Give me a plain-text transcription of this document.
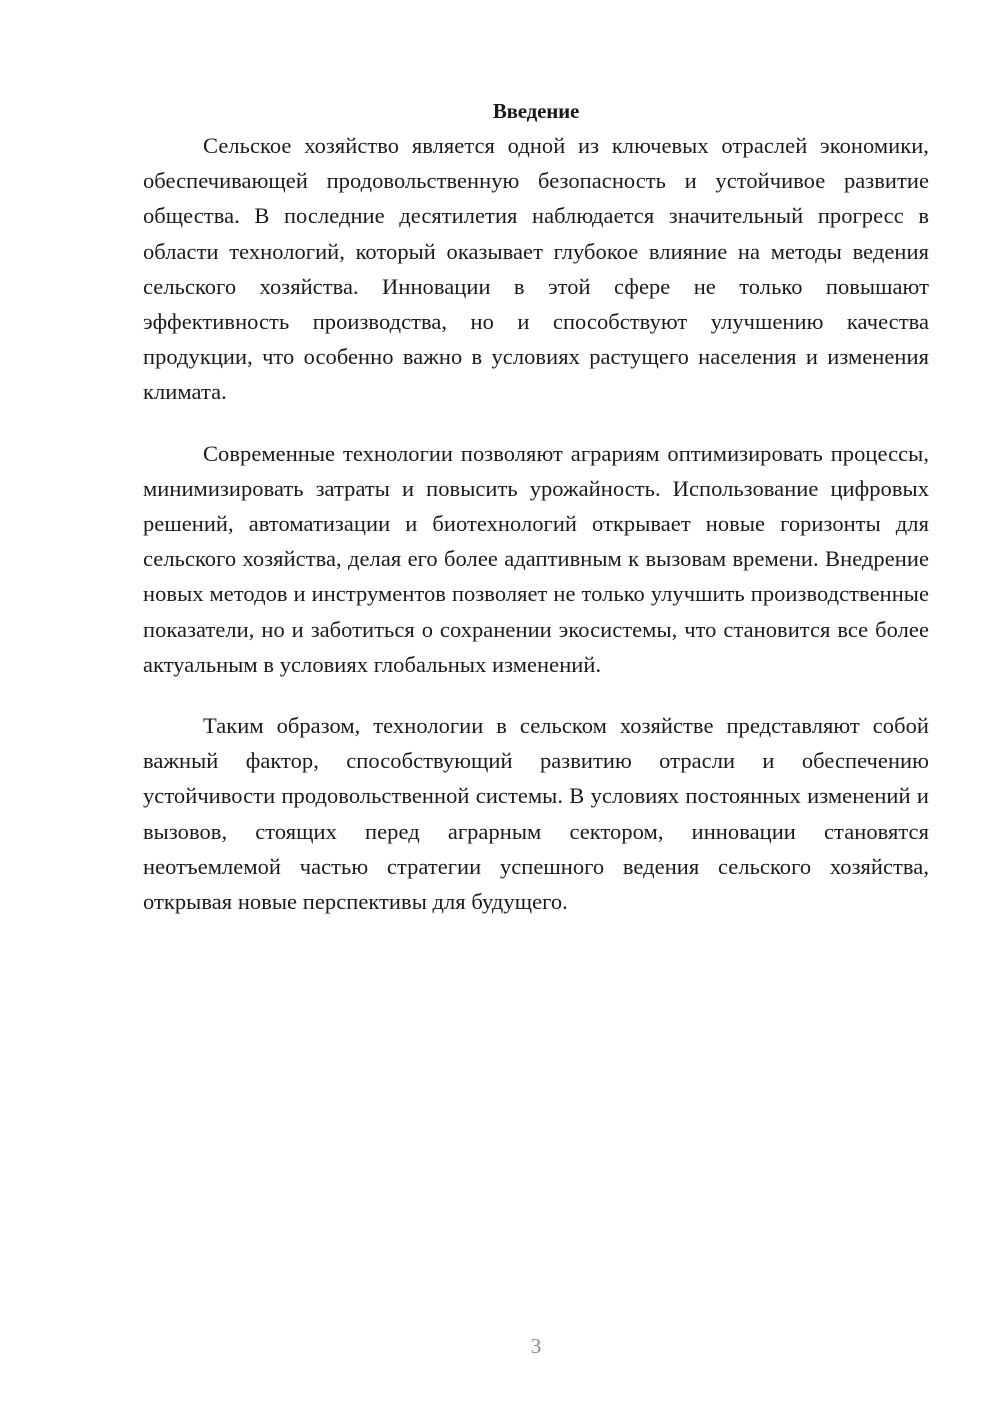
Введение

Сельское хозяйство является одной из ключевых отраслей экономики, обеспечивающей продовольственную безопасность и устойчивое развитие общества. В последние десятилетия наблюдается значительный прогресс в области технологий, который оказывает глубокое влияние на методы ведения сельского хозяйства. Инновации в этой сфере не только повышают эффективность производства, но и способствуют улучшению качества продукции, что особенно важно в условиях растущего населения и изменения климата.

Современные технологии позволяют аграриям оптимизировать процессы, минимизировать затраты и повысить урожайность. Использование цифровых решений, автоматизации и биотехнологий открывает новые горизонты для сельского хозяйства, делая его более адаптивным к вызовам времени. Внедрение новых методов и инструментов позволяет не только улучшить производственные показатели, но и заботиться о сохранении экосистемы, что становится все более актуальным в условиях глобальных изменений.

Таким образом, технологии в сельском хозяйстве представляют собой важный фактор, способствующий развитию отрасли и обеспечению устойчивости продовольственной системы. В условиях постоянных изменений и вызовов, стоящих перед аграрным сектором, инновации становятся неотъемлемой частью стратегии успешного ведения сельского хозяйства, открывая новые перспективы для будущего.

3
